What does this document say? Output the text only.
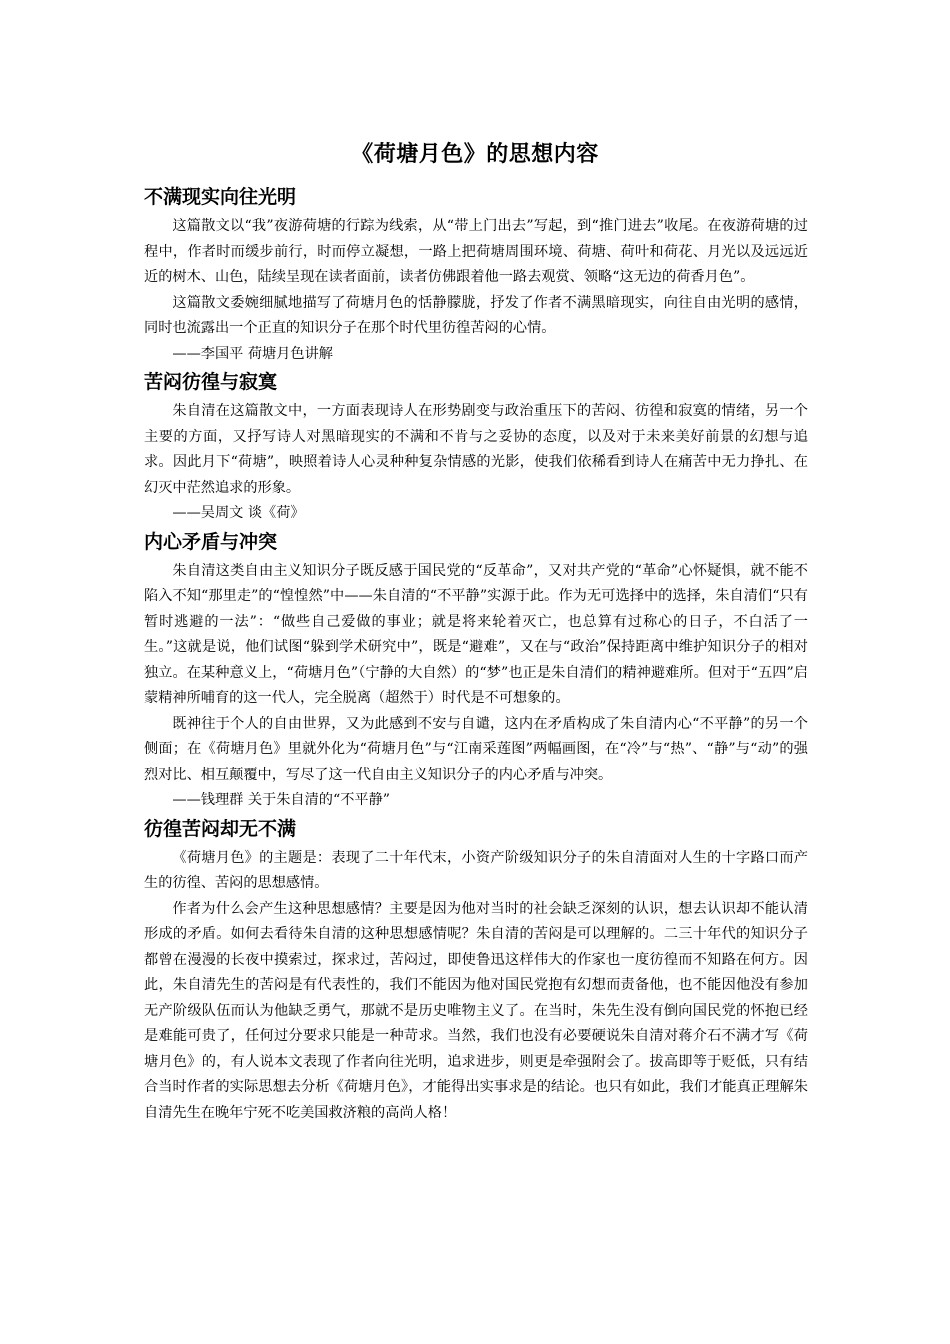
《荷塘月色》的思想内容
不满现实向往光明

这篇散文以“我”夜游荷塘的行踪为线索，从“带上门出去”写起，到“推门进去”收尾。在夜游荷塘的过程中，作者时而缓步前行，时而停立凝想，一路上把荷塘周围环境、荷塘、荷叶和荷花、月光以及远远近近的树木、山色，陆续呈现在读者面前，读者仿佛跟着他一路去观赏、领略“这无边的荷香月色”。

这篇散文委婉细腻地描写了荷塘月色的恬静朦胧，抒发了作者不满黑暗现实，向往自由光明的感情，同时也流露出一个正直的知识分子在那个时代里彷徨苦闷的心情。

——李国平 荷塘月色讲解
苦闷彷徨与寂寞

朱自清在这篇散文中，一方面表现诗人在形势剧变与政治重压下的苦闷、彷徨和寂寞的情绪，另一个主要的方面，又抒写诗人对黑暗现实的不满和不肯与之妥协的态度，以及对于未来美好前景的幻想与追求。因此月下“荷塘”，映照着诗人心灵种种复杂情感的光影，使我们依稀看到诗人在痛苦中无力挣扎、在幻灭中茫然追求的形象。

——吴周文 谈《荷》
内心矛盾与冲突

朱自清这类自由主义知识分子既反感于国民党的“反革命”，又对共产党的“革命”心怀疑惧，就不能不陷入不知“那里走”的“惶惶然”中——朱自清的“不平静”实源于此。作为无可选择中的选择，朱自清们“只有暂时逃避的一法”：“做些自己爱做的事业；就是将来轮着灭亡，也总算有过称心的日子，不白活了一生。”这就是说，他们试图“躲到学术研究中”，既是“避难”，又在与“政治”保持距离中维护知识分子的相对独立。在某种意义上，“荷塘月色”（宁静的大自然）的“梦”也正是朱自清们的精神避难所。但对于“五四”启蒙精神所哺育的这一代人，完全脱离（超然于）时代是不可想象的。

既神往于个人的自由世界，又为此感到不安与自谴，这内在矛盾构成了朱自清内心“不平静”的另一个侧面；在《荷塘月色》里就外化为“荷塘月色”与“江南采莲图”两幅画图，在“冷”与“热”、“静”与“动”的强烈对比、相互颠覆中，写尽了这一代自由主义知识分子的内心矛盾与冲突。

——钱理群 关于朱自清的“不平静”
彷徨苦闷却无不满

《荷塘月色》的主题是：表现了二十年代末，小资产阶级知识分子的朱自清面对人生的十字路口而产生的彷徨、苦闷的思想感情。

作者为什么会产生这种思想感情？主要是因为他对当时的社会缺乏深刻的认识，想去认识却不能认清形成的矛盾。如何去看待朱自清的这种思想感情呢？朱自清的苦闷是可以理解的。二三十年代的知识分子都曾在漫漫的长夜中摸索过，探求过，苦闷过，即使鲁迅这样伟大的作家也一度彷徨而不知路在何方。因此，朱自清先生的苦闷是有代表性的，我们不能因为他对国民党抱有幻想而责备他，也不能因他没有参加无产阶级队伍而认为他缺乏勇气，那就不是历史唯物主义了。在当时，朱先生没有倒向国民党的怀抱已经是难能可贵了，任何过分要求只能是一种苛求。当然，我们也没有必要硬说朱自清对蒋介石不满才写《荷塘月色》的，有人说本文表现了作者向往光明，追求进步，则更是牵强附会了。拔高即等于贬低，只有结合当时作者的实际思想去分析《荷塘月色》，才能得出实事求是的结论。也只有如此，我们才能真正理解朱自清先生在晚年宁死不吃美国救济粮的高尚人格！
